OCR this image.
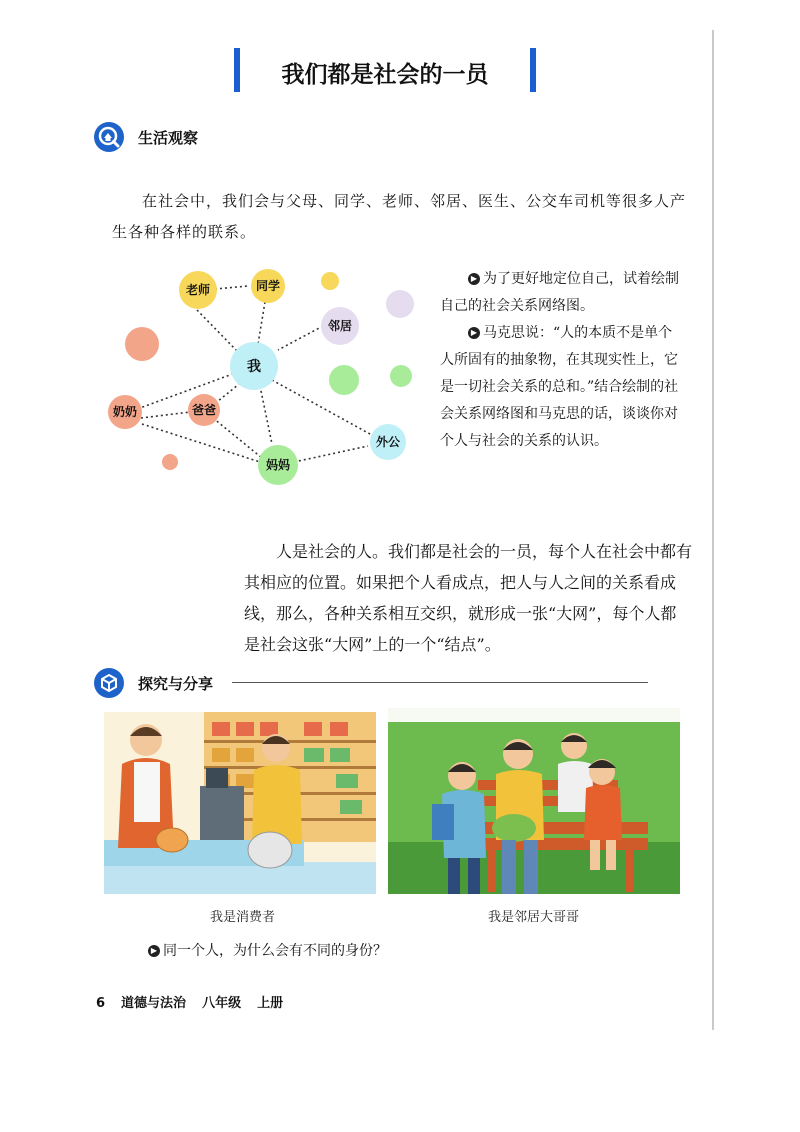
我们都是社会的一员
生活观察
在社会中，我们会与父母、同学、老师、邻居、医生、公交车司机等很多人产生各种各样的联系。
老师	同学
邻居
我
奶奶	爸爸
妈妈
外公

▶ 为了更好地定位自己，试着绘制自己的社会关系网络图。

▶ 马克思说：“人的本质不是单个人所固有的抽象物，在其现实性上，它是一切社会关系的总和。”结合绘制的社会关系网络图和马克思的话，谈谈你对个人与社会的关系的认识。

人是社会的人。我们都是社会的一员，每个人在社会中都有其相应的位置。如果把个人看成点，把人与人之间的关系看成线，那么，各种关系相互交织，就形成一张“大网”，每个人都是社会这张“大网”上的一个“结点”。
探究与分享
我是消费者	我是邻居大哥哥
▶ 同一个人，为什么会有不同的身份？
6 道德与法治 八年级 上册
